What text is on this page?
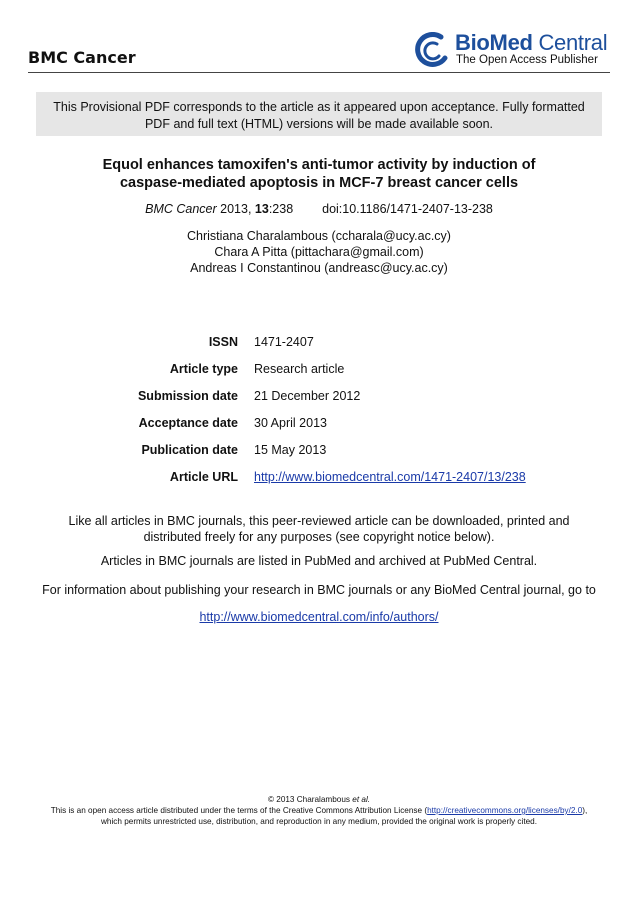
BMC Cancer
BioMed Central
The Open Access Publisher
This Provisional PDF corresponds to the article as it appeared upon acceptance. Fully formatted
PDF and full text (HTML) versions will be made available soon.
Equol enhances tamoxifen's anti-tumor activity by induction of
caspase-mediated apoptosis in MCF-7 breast cancer cells
BMC Cancer 2013, 13:238 doi:10.1186/1471-2407-13-238
Christiana Charalambous (ccharala@ucy.ac.cy)
Chara A Pitta (pittachara@gmail.com)
Andreas I Constantinou (andreasc@ucy.ac.cy)
ISSN 1471-2407
Article type Research article
Submission date 21 December 2012
Acceptance date 30 April 2013
Publication date 15 May 2013
Article URL http://www.biomedcentral.com/1471-2407/13/238
Like all articles in BMC journals, this peer-reviewed article can be downloaded, printed and
distributed freely for any purposes (see copyright notice below).
Articles in BMC journals are listed in PubMed and archived at PubMed Central.
For information about publishing your research in BMC journals or any BioMed Central journal, go to
http://www.biomedcentral.com/info/authors/
© 2013 Charalambous et al.
This is an open access article distributed under the terms of the Creative Commons Attribution License (http://creativecommons.org/licenses/by/2.0),
which permits unrestricted use, distribution, and reproduction in any medium, provided the original work is properly cited.
